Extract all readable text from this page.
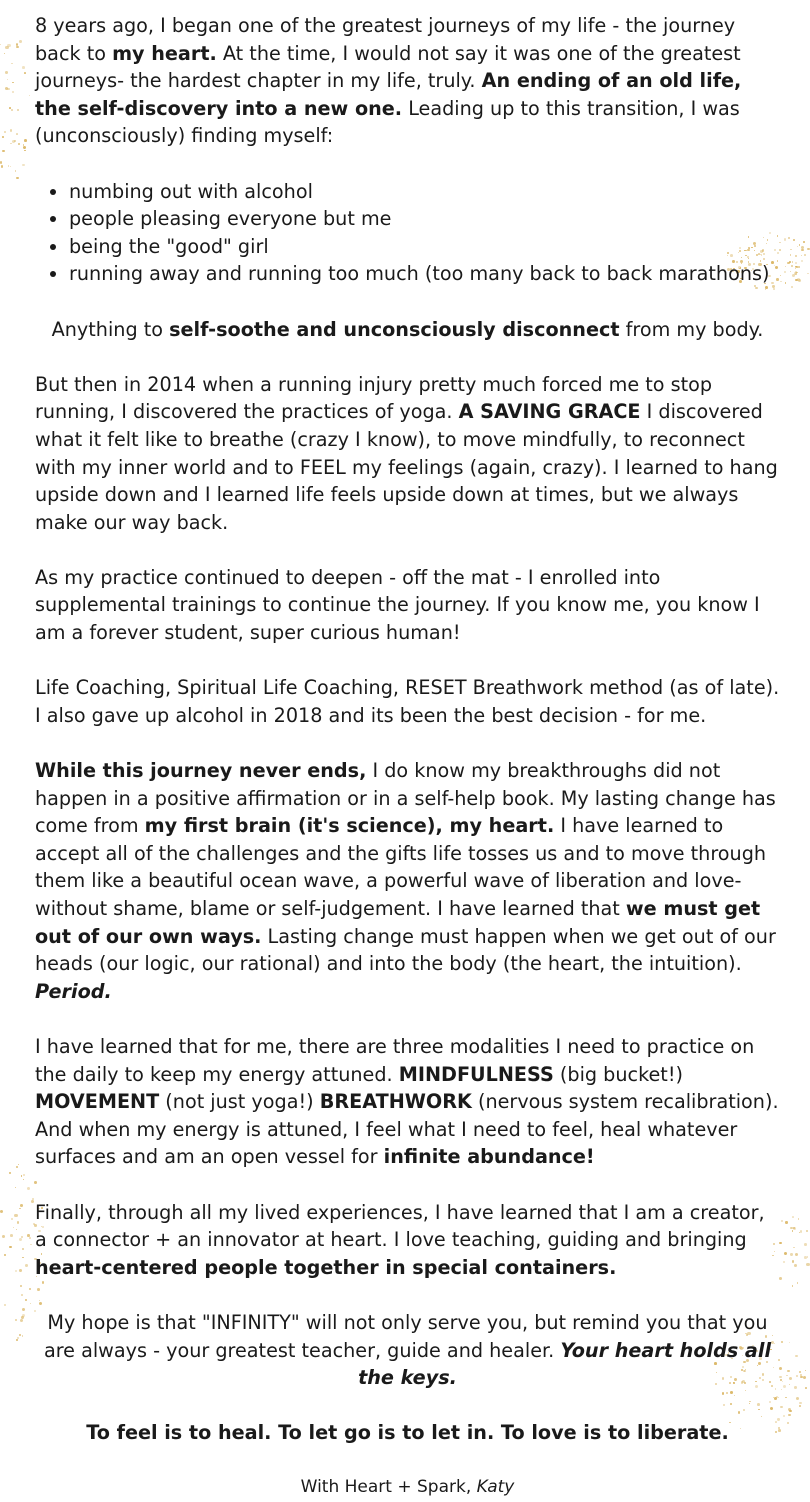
8 years ago, I began one of the greatest journeys of my life - the journey back to my heart. At the time, I would not say it was one of the greatest journeys- the hardest chapter in my life, truly. An ending of an old life, the self-discovery into a new one. Leading up to this transition, I was (unconsciously) finding myself:

• numbing out with alcohol
• people pleasing everyone but me
• being the "good" girl
• running away and running too much (too many back to back marathons)

Anything to self-soothe and unconsciously disconnect from my body.

But then in 2014 when a running injury pretty much forced me to stop running, I discovered the practices of yoga. A SAVING GRACE I discovered what it felt like to breathe (crazy I know), to move mindfully, to reconnect with my inner world and to FEEL my feelings (again, crazy). I learned to hang upside down and I learned life feels upside down at times, but we always make our way back.

As my practice continued to deepen - off the mat - I enrolled into supplemental trainings to continue the journey. If you know me, you know I am a forever student, super curious human!

Life Coaching, Spiritual Life Coaching, RESET Breathwork method (as of late). I also gave up alcohol in 2018 and its been the best decision - for me.

While this journey never ends, I do know my breakthroughs did not happen in a positive affirmation or in a self-help book. My lasting change has come from my first brain (it's science), my heart. I have learned to accept all of the challenges and the gifts life tosses us and to move through them like a beautiful ocean wave, a powerful wave of liberation and love- without shame, blame or self-judgement. I have learned that we must get out of our own ways. Lasting change must happen when we get out of our heads (our logic, our rational) and into the body (the heart, the intuition). Period.

I have learned that for me, there are three modalities I need to practice on the daily to keep my energy attuned. MINDFULNESS (big bucket!) MOVEMENT (not just yoga!) BREATHWORK (nervous system recalibration). And when my energy is attuned, I feel what I need to feel, heal whatever surfaces and am an open vessel for infinite abundance!

Finally, through all my lived experiences, I have learned that I am a creator, a connector + an innovator at heart. I love teaching, guiding and bringing heart-centered people together in special containers.

My hope is that "INFINITY" will not only serve you, but remind you that you are always - your greatest teacher, guide and healer. Your heart holds all the keys.

To feel is to heal. To let go is to let in. To love is to liberate.

With Heart + Spark, Katy
